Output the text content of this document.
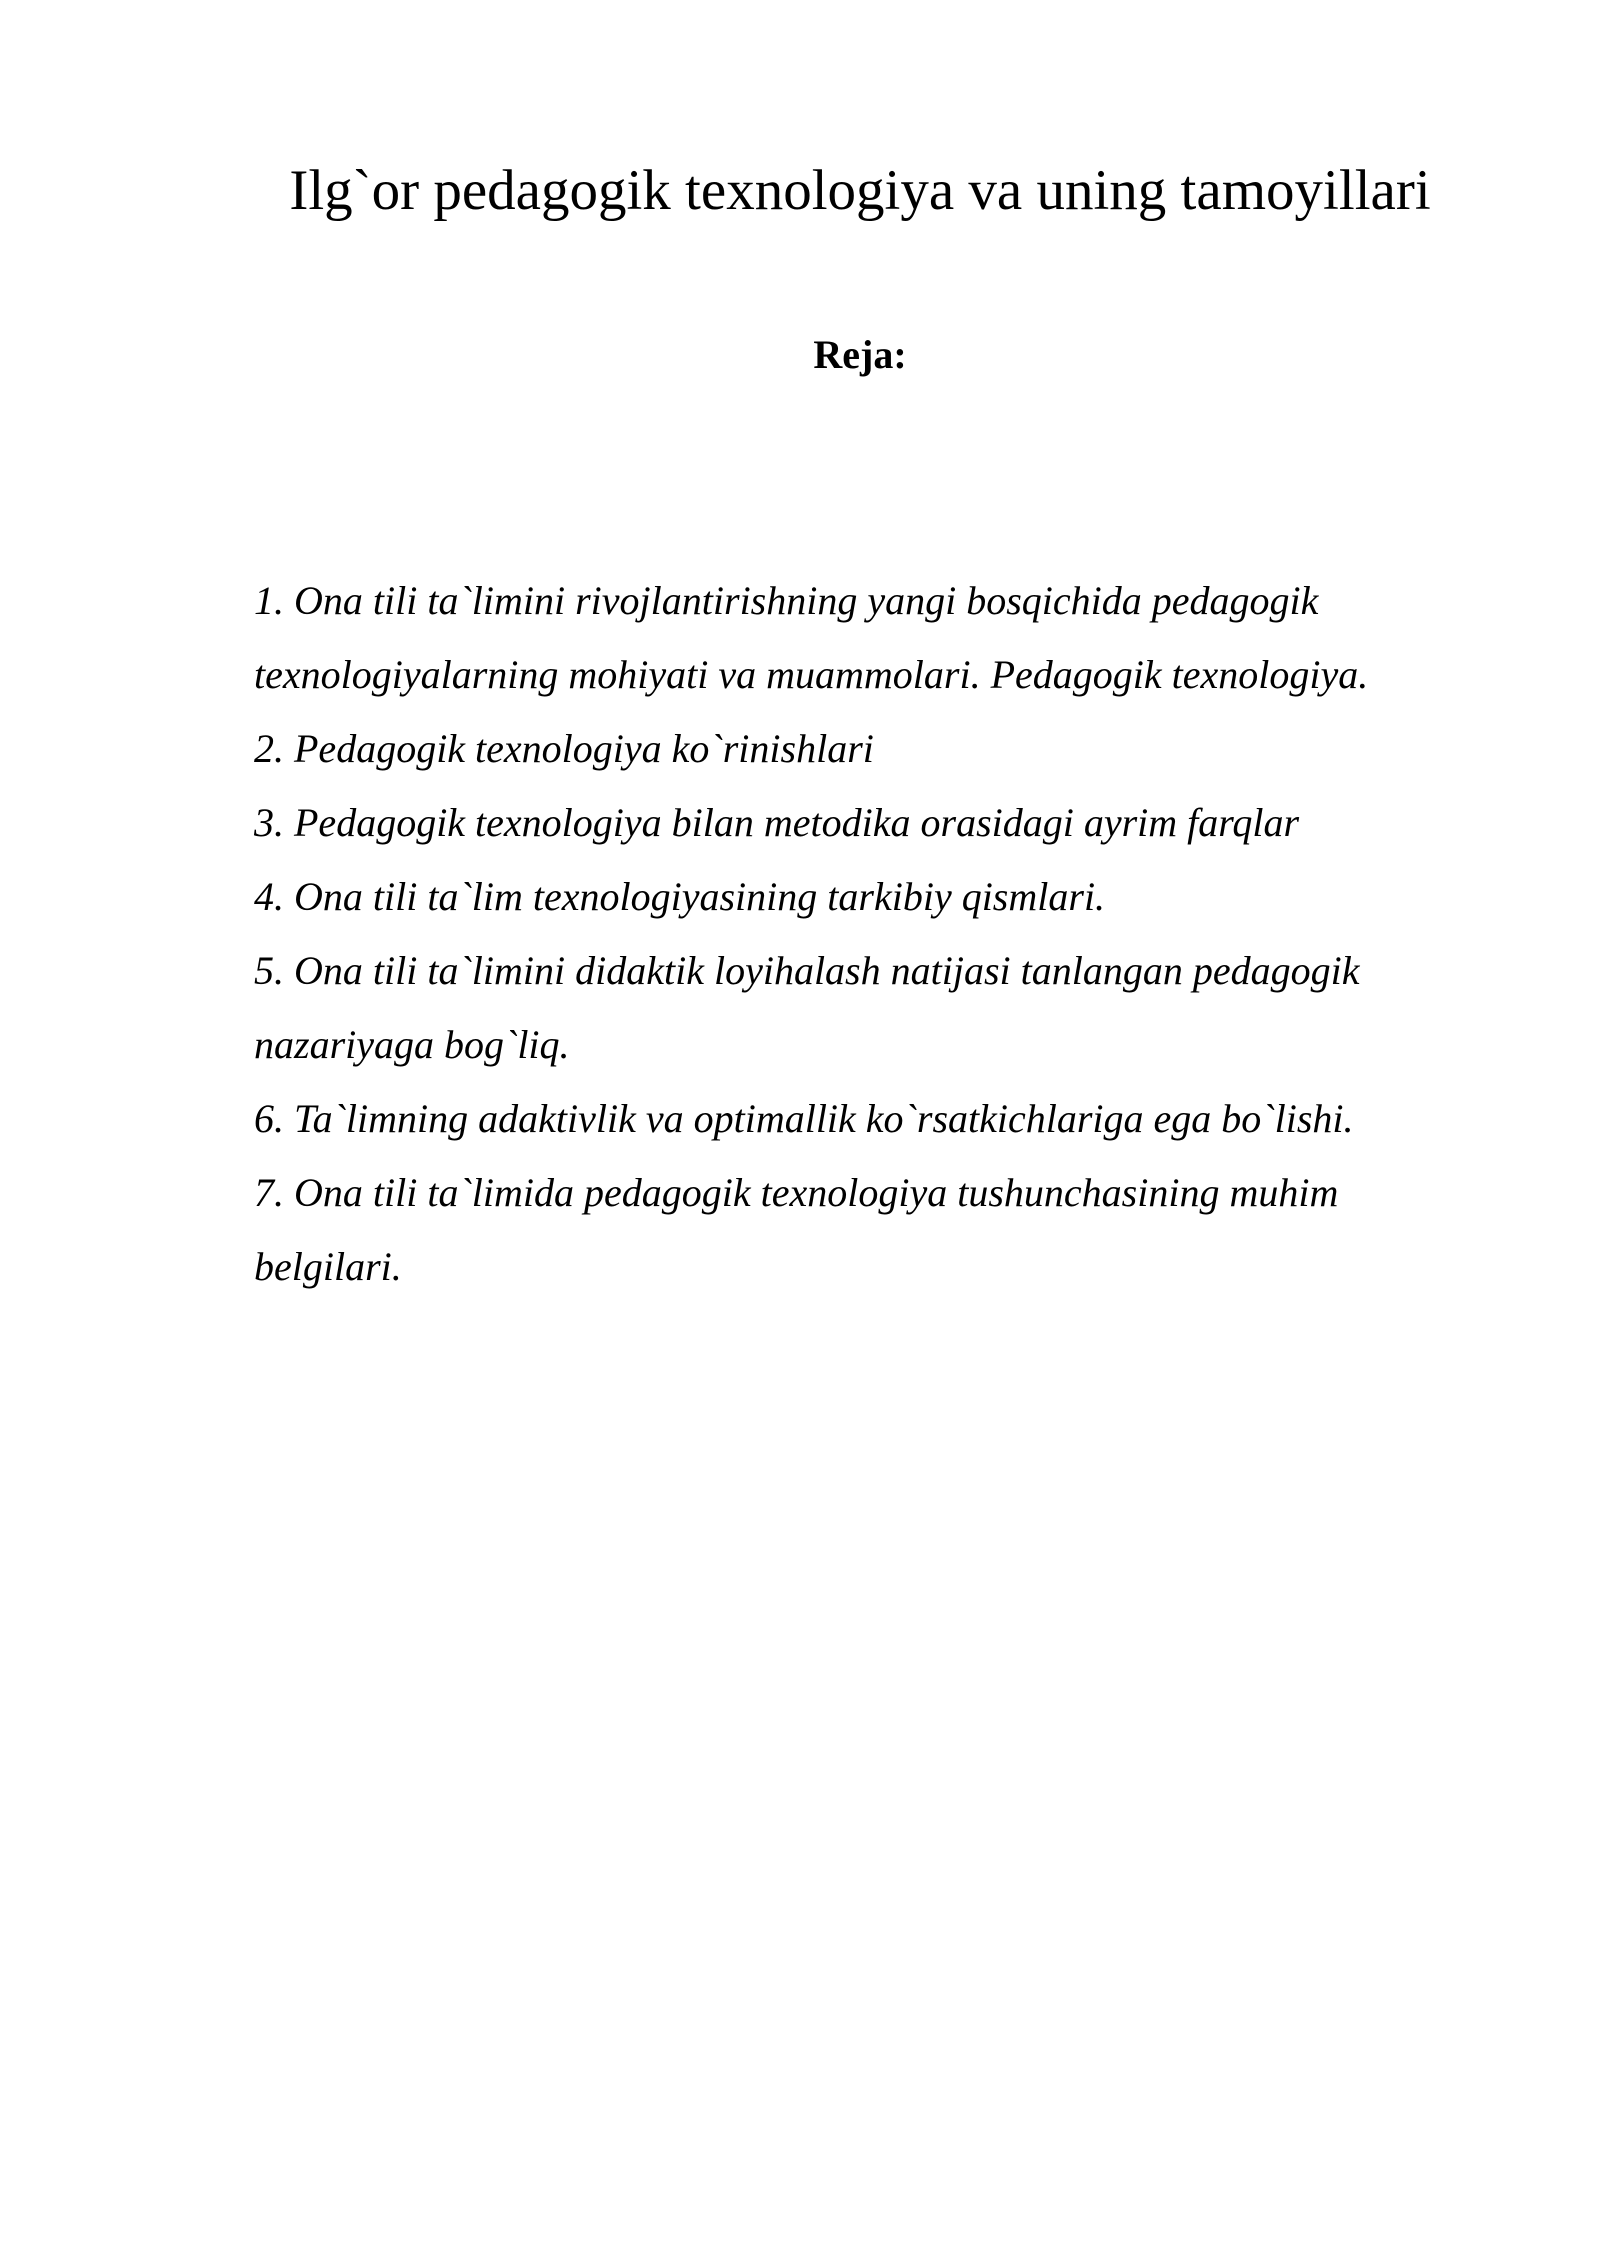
Ilg`or pedagogik texnologiya va uning tamoyillari
Reja:
1. Ona tili ta`limini rivojlantirishning yangi bosqichida pedagogik
texnologiyalarning mohiyati va muammolari. Pedagogik texnologiya.
2. Pedagogik texnologiya ko`rinishlari
3. Pedagogik texnologiya bilan metodika orasidagi ayrim farqlar
4. Ona tili ta`lim texnologiyasining tarkibiy qismlari.
5. Ona tili ta`limini didaktik loyihalash natijasi tanlangan pedagogik
nazariyaga bog`liq.
6. Ta`limning adaktivlik va optimallik ko`rsatkichlariga ega bo`lishi.
7. Ona tili ta`limida pedagogik texnologiya tushunchasining muhim
belgilari.
